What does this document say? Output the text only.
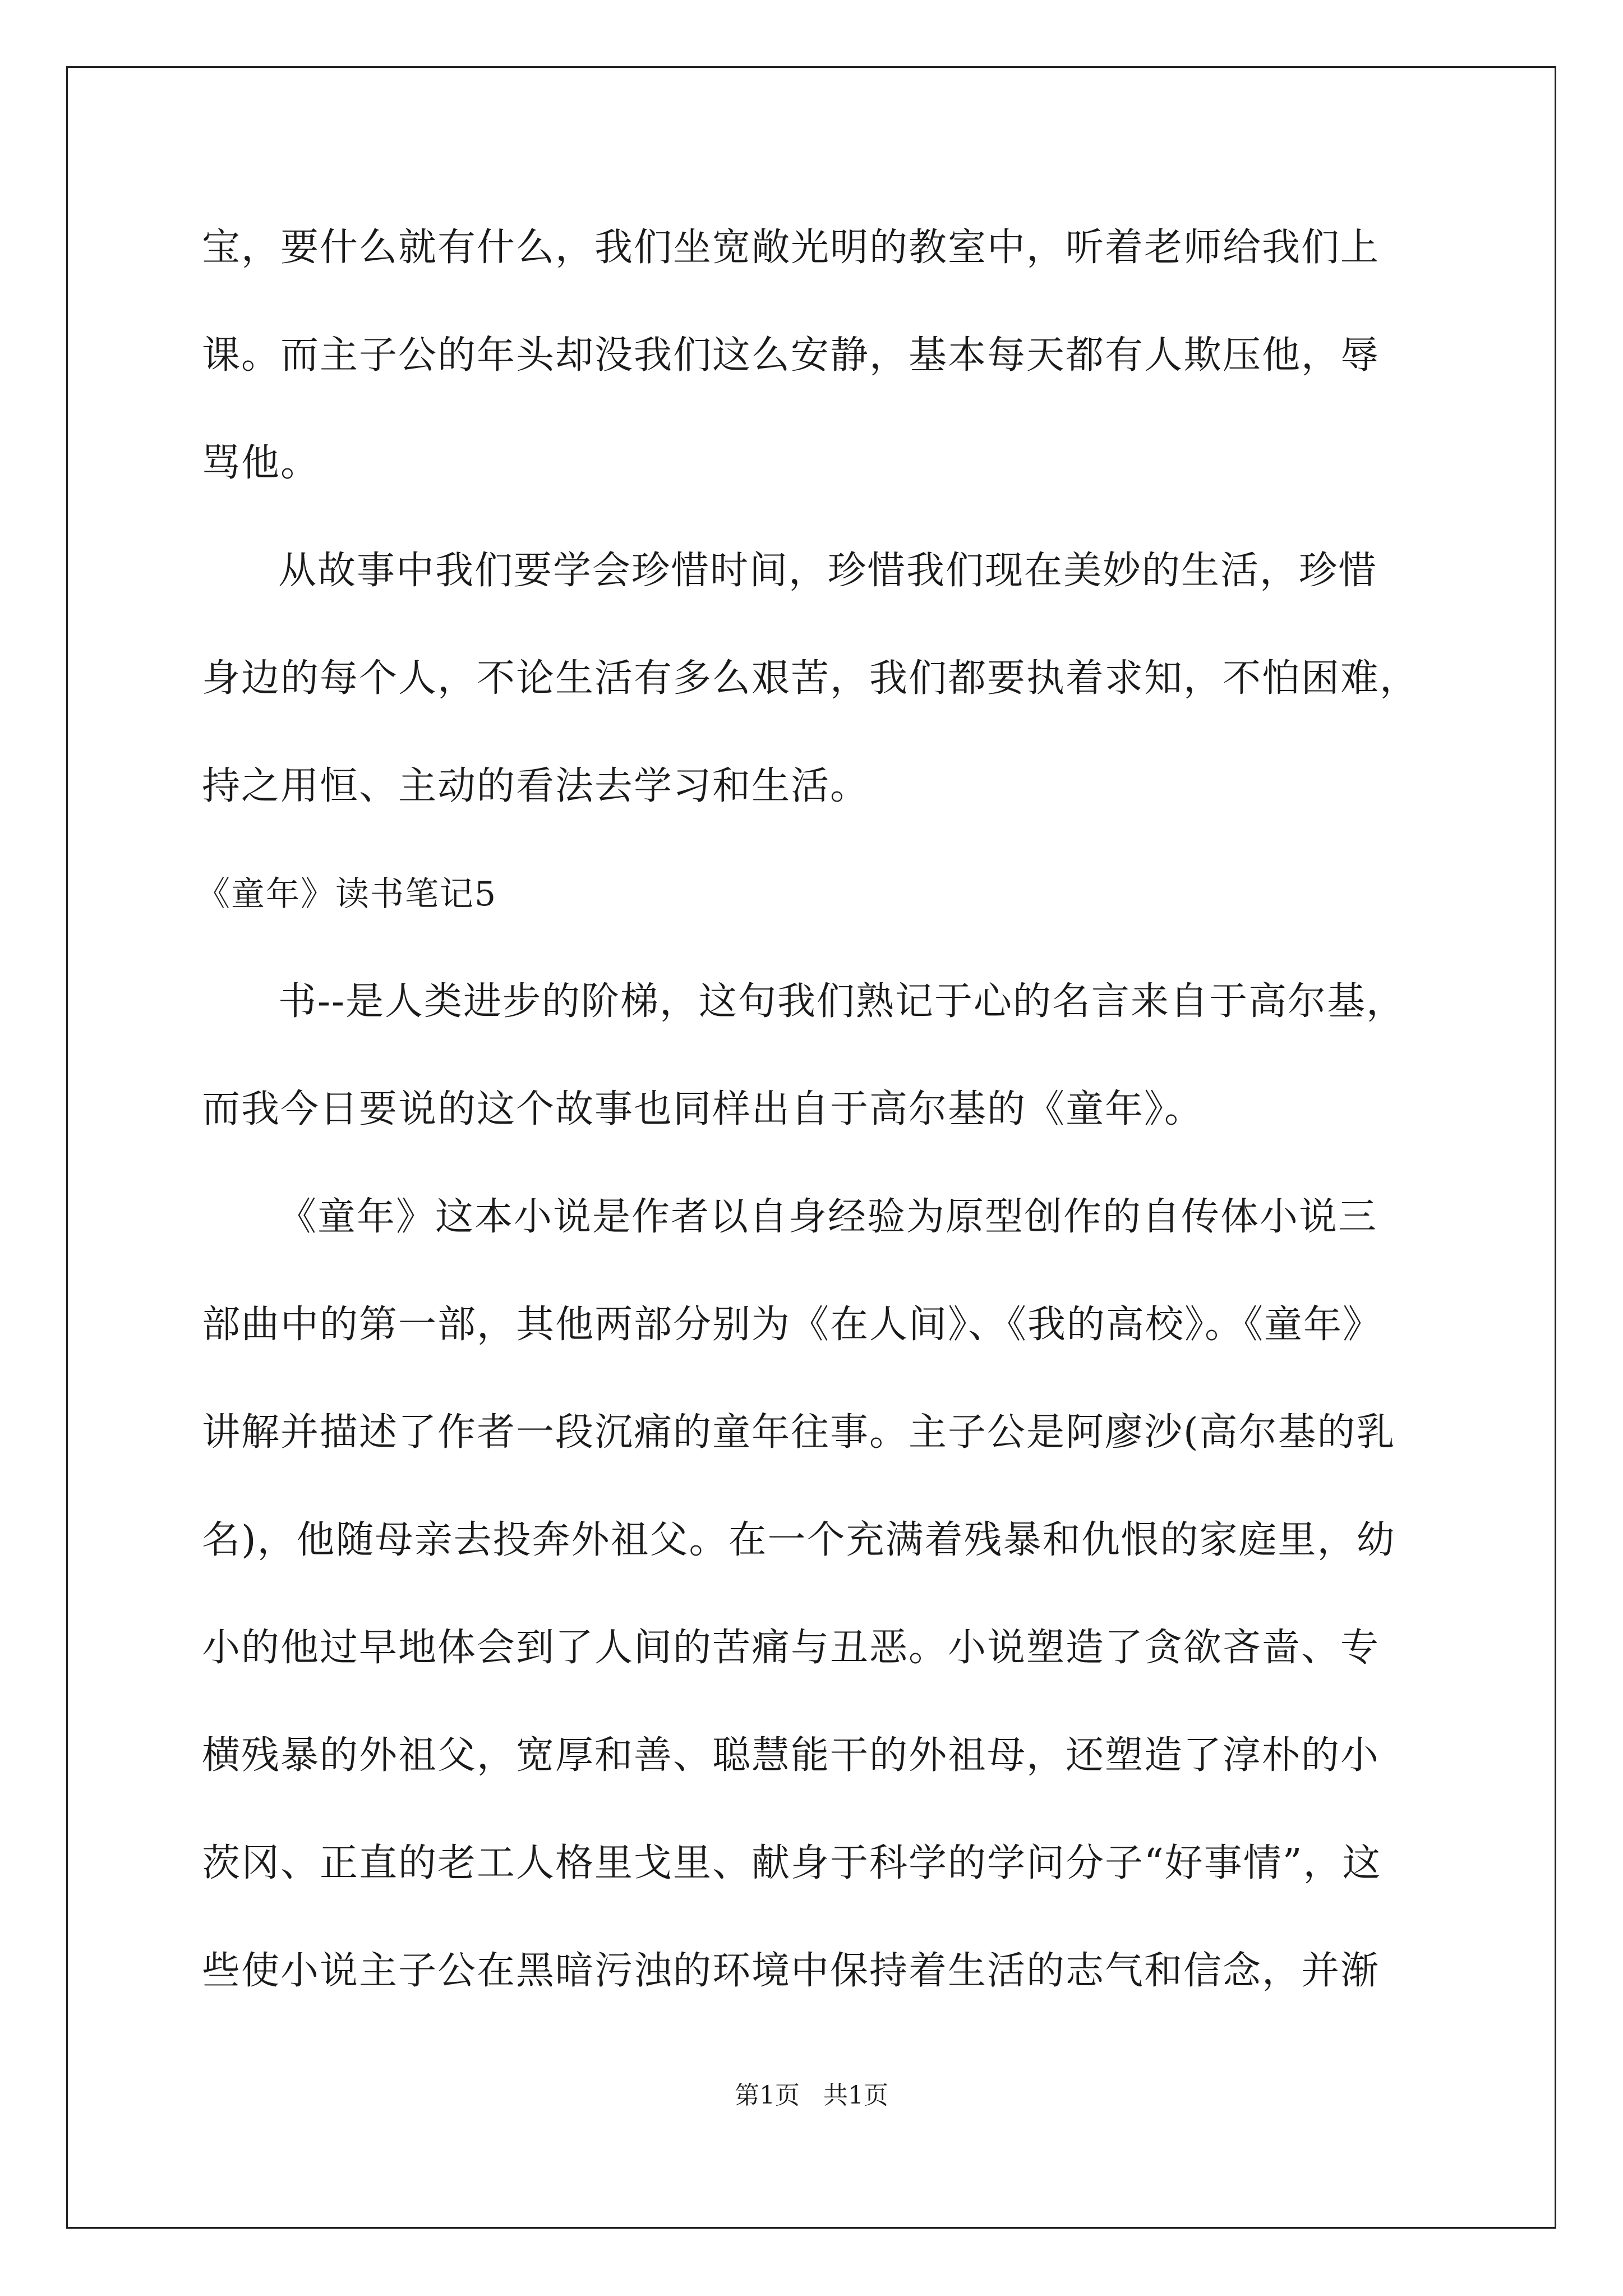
宝，要什么就有什么，我们坐宽敞光明的教室中，听着老师给我们上
课。而主子公的年头却没我们这么安静，基本每天都有人欺压他，辱
骂他。
从故事中我们要学会珍惜时间，珍惜我们现在美妙的生活，珍惜
身边的每个人，不论生活有多么艰苦，我们都要执着求知，不怕困难，
持之用恒、主动的看法去学习和生活。
《童年》读书笔记5
书--是人类进步的阶梯，这句我们熟记于心的名言来自于高尔基，
而我今日要说的这个故事也同样出自于高尔基的《童年》。
《童年》这本小说是作者以自身经验为原型创作的自传体小说三
部曲中的第一部，其他两部分别为《在人间》、《我的高校》。《童年》
讲解并描述了作者一段沉痛的童年往事。主子公是阿廖沙(高尔基的乳
名)，他随母亲去投奔外祖父。在一个充满着残暴和仇恨的家庭里，幼
小的他过早地体会到了人间的苦痛与丑恶。小说塑造了贪欲吝啬、专
横残暴的外祖父，宽厚和善、聪慧能干的外祖母，还塑造了淳朴的小
茨冈、正直的老工人格里戈里、献身于科学的学问分子“好事情”，这
些使小说主子公在黑暗污浊的环境中保持着生活的志气和信念，并渐
第1页   共1页
